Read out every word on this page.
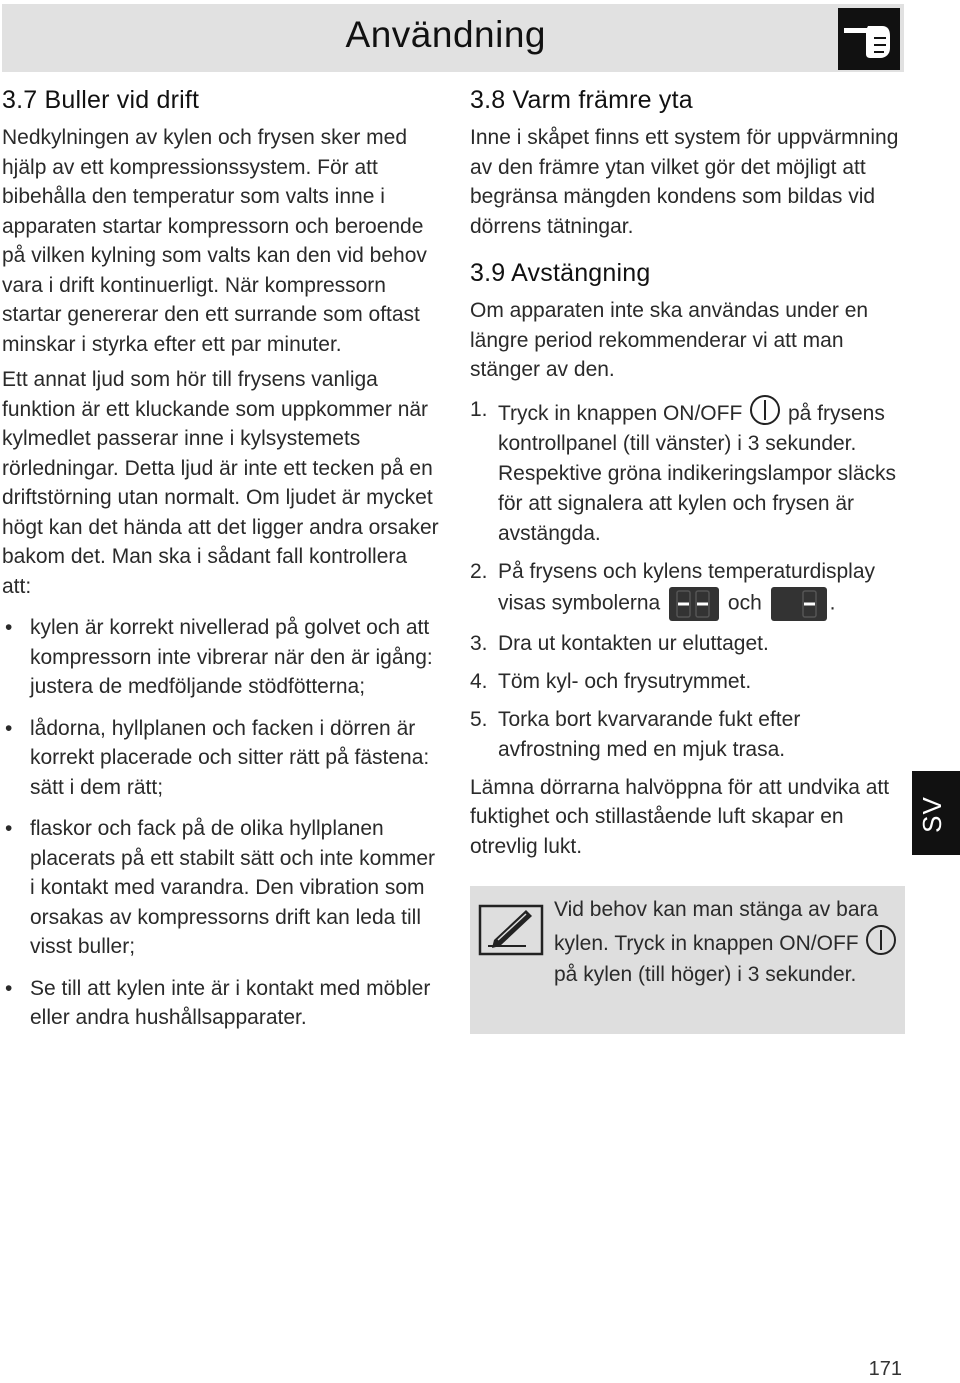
Användning
3.7 Buller vid drift

Nedkylningen av kylen och frysen sker med hjälp av ett kompressionssystem. För att bibehålla den temperatur som valts inne i apparaten startar kompressorn och beroende på vilken kylning som valts kan den vid behov vara i drift kontinuerligt. När kompressorn startar genererar den ett surrande som oftast minskar i styrka efter ett par minuter.

Ett annat ljud som hör till frysens vanliga funktion är ett kluckande som uppkommer när kylmedlet passerar inne i kylsystemets rörledningar. Detta ljud är inte ett tecken på en driftstörning utan normalt. Om ljudet är mycket högt kan det hända att det ligger andra orsaker bakom det. Man ska i sådant fall kontrollera att:

• kylen är korrekt nivellerad på golvet och att kompressorn inte vibrerar när den är igång: justera de medföljande stödfötterna;
• lådorna, hyllplanen och facken i dörren är korrekt placerade och sitter rätt på fästena: sätt i dem rätt;
• flaskor och fack på de olika hyllplanen placerats på ett stabilt sätt och inte kommer i kontakt med varandra. Den vibration som orsakas av kompressorns drift kan leda till visst buller;
• Se till att kylen inte är i kontakt med möbler eller andra hushållsapparater.
3.8 Varm främre yta

Inne i skåpet finns ett system för uppvärmning av den främre ytan vilket gör det möjligt att begränsa mängden kondens som bildas vid dörrens tätningar.

3.9 Avstängning

Om apparaten inte ska användas under en längre period rekommenderar vi att man stänger av den.

1. Tryck in knappen ON/OFF på frysens kontrollpanel (till vänster) i 3 sekunder. Respektive gröna indikeringslampor släcks för att signalera att kylen och frysen är avstängda.
2. På frysens och kylens temperaturdisplay visas symbolerna	och	.
3. Dra ut kontakten ur eluttaget.
4. Töm kyl- och frysutrymmet.
5. Torka bort kvarvarande fukt efter avfrostning med en mjuk trasa.

Lämna dörrarna halvöppna för att undvika att fuktighet och stillastående luft skapar en otrevlig lukt.

Vid behov kan man stänga av bara kylen. Tryck in knappen ON/OFF  på kylen (till höger) i 3 sekunder.
SV
171
